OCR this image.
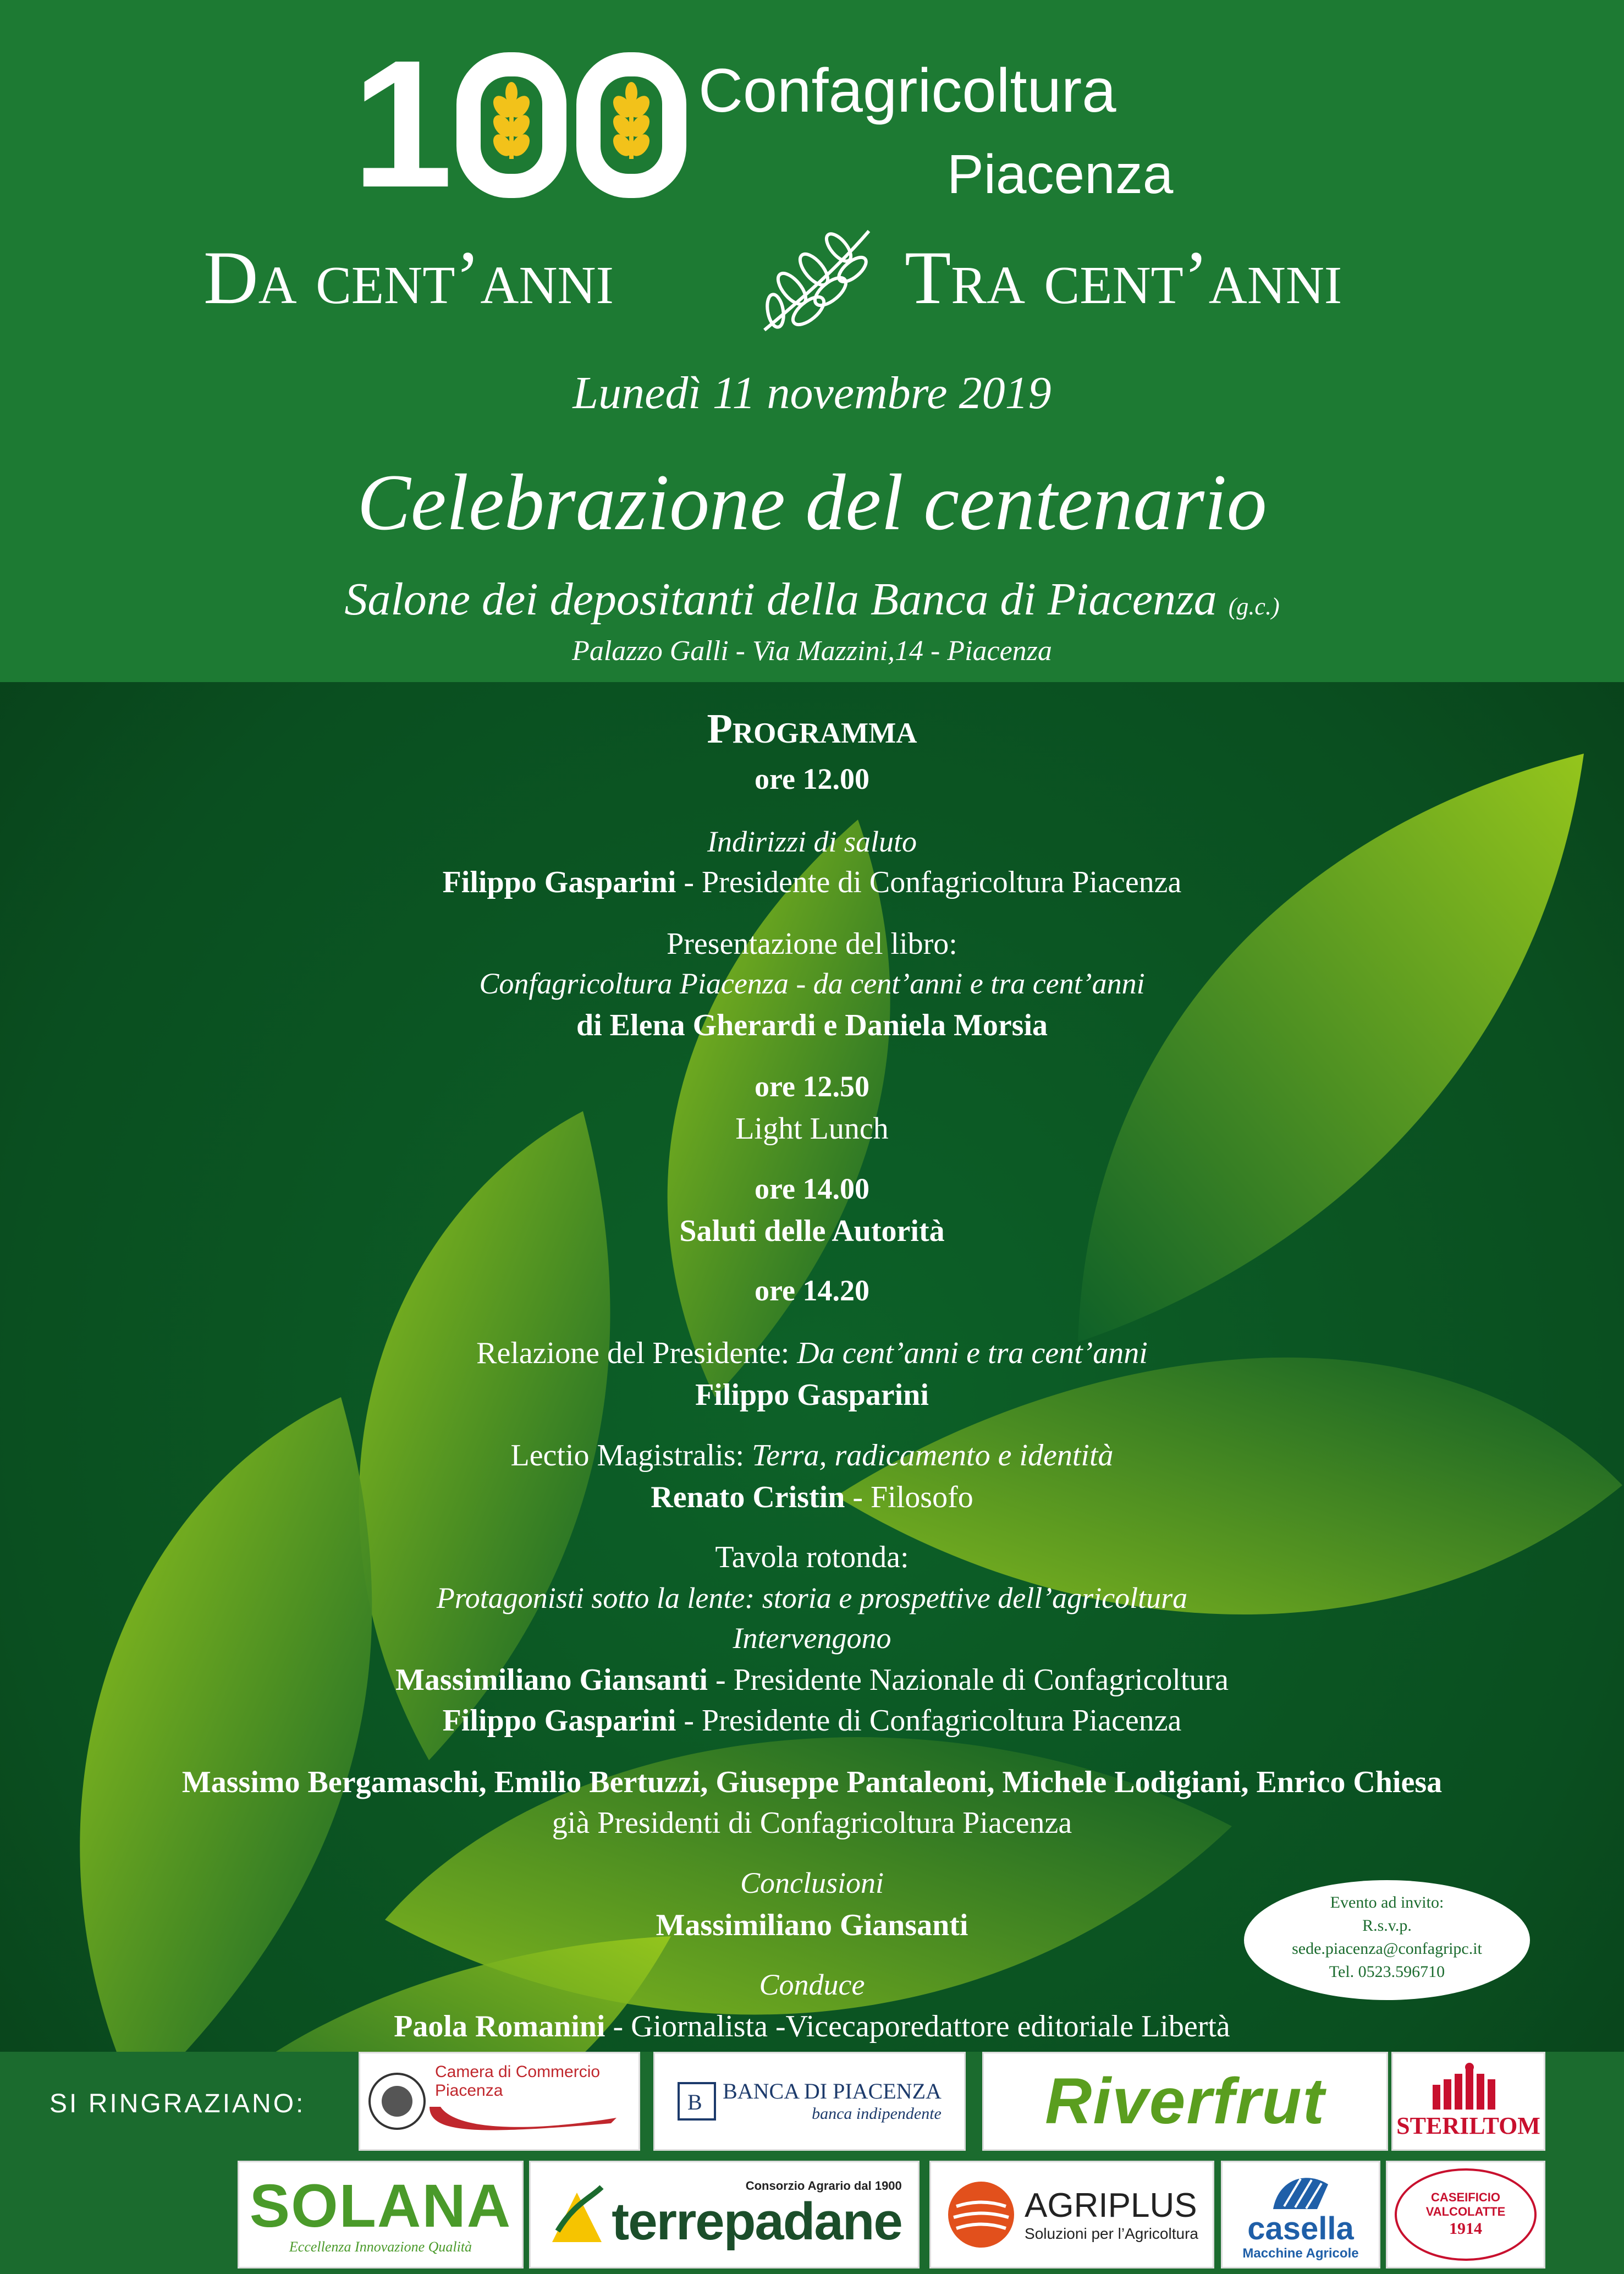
1	Confagricoltura
Piacenza
Da cent’anni	Tra cent’anni
Lunedì 11 novembre 2019
Celebrazione del centenario
Salone dei depositanti della Banca di Piacenza (g.c.)
Palazzo Galli - Via Mazzini,14 - Piacenza
Programma
ore 12.00
Indirizzi di saluto
Filippo Gasparini - Presidente di Confagricoltura Piacenza
Presentazione del libro:
Confagricoltura Piacenza - da cent’anni e tra cent’anni
di Elena Gherardi e Daniela Morsia
ore 12.50
Light Lunch
ore 14.00
Saluti delle Autorità
ore 14.20
Relazione del Presidente: Da cent’anni e tra cent’anni
Filippo Gasparini
Lectio Magistralis: Terra, radicamento e identità
Renato Cristin - Filosofo
Tavola rotonda:
Protagonisti sotto la lente: storia e prospettive dell’agricoltura
Intervengono
Massimiliano Giansanti - Presidente Nazionale di Confagricoltura
Filippo Gasparini - Presidente di Confagricoltura Piacenza
Massimo Bergamaschi, Emilio Bertuzzi, Giuseppe Pantaleoni, Michele Lodigiani, Enrico Chiesa
già Presidenti di Confagricoltura Piacenza
Conclusioni
Massimiliano Giansanti
Conduce
Paola Romanini - Giornalista -Vicecaporedattore editoriale Libertà
Evento ad invito:
R.s.v.p.
sede.piacenza@confagripc.it
Tel. 0523.596710
SI RINGRAZIANO:
Camera di Commercio
Piacenza	B BANCA DI PIACENZA
banca indipendente Riverfrut	STERILTOM
SOLANA
Eccellenza Innovazione Qualità
Consorzio Agrario dal 1900
terrepadane	AGRIPLUS
Soluzioni per l’Agricoltura casella
Macchine Agricole
CASEIFICIO VALCOLATTE
1914
